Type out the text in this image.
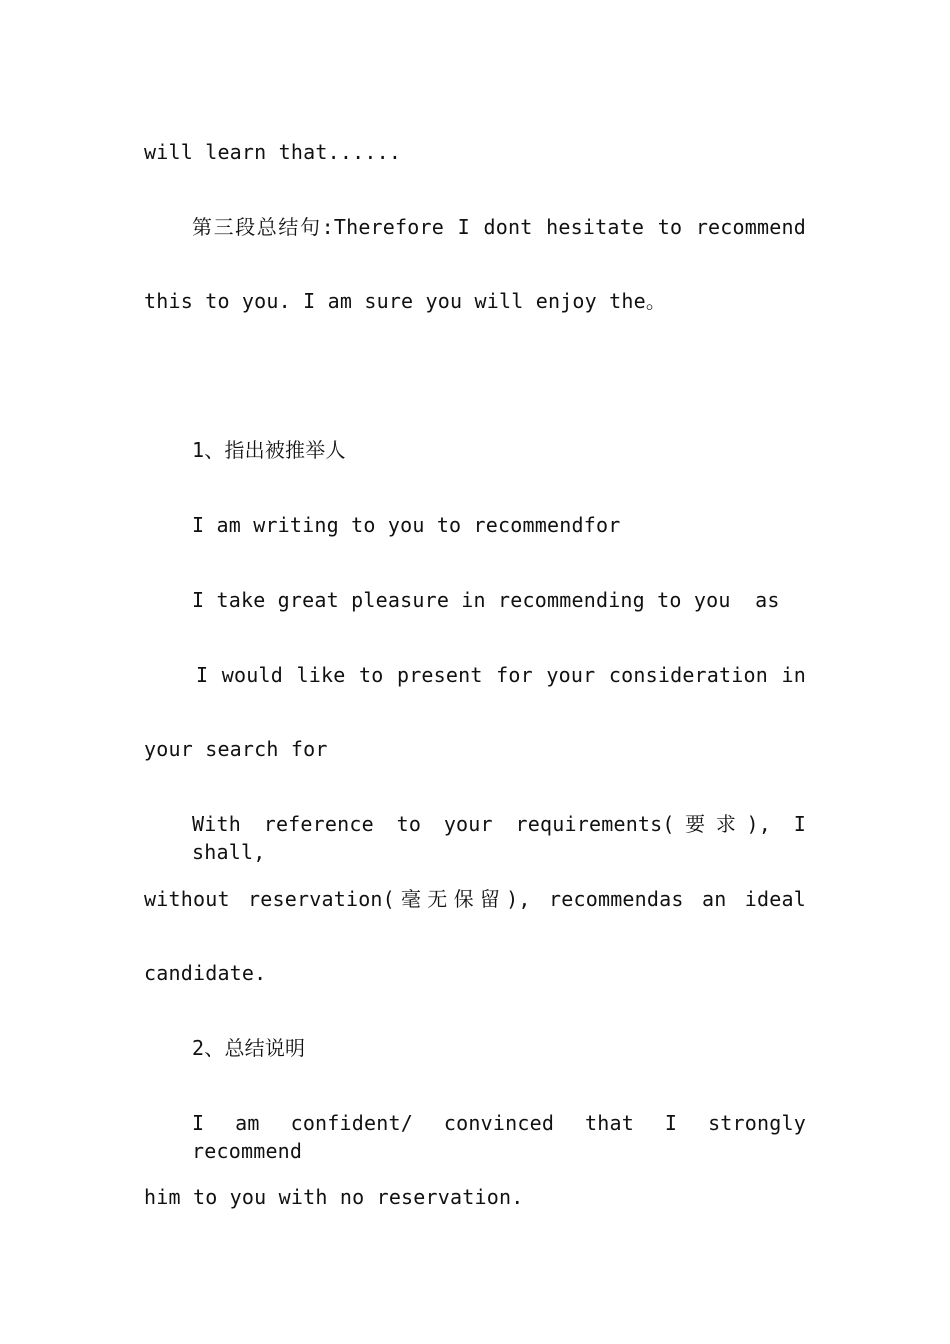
will learn that......
第三段总结句:Therefore I dont hesitate to recommend
this to you. I am sure you will enjoy the。
1、指出被推举人
I am writing to you to recommendfor
I take great pleasure in recommending to you  as
I would like to present for your consideration in
your search for
With reference to your requirements(要求), I shall,
without reservation(毫无保留), recommendas an ideal
candidate.
2、总结说明
I am confident/ convinced that I strongly recommend
him to you with no reservation.
